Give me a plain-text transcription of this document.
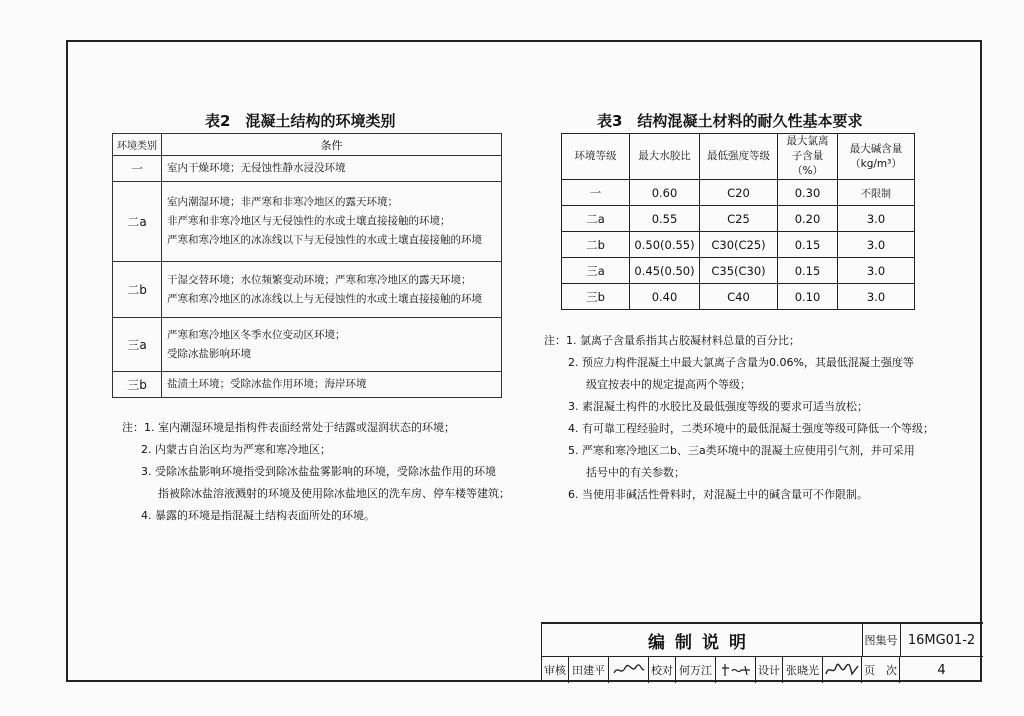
表2　混凝土结构的环境类别
环境类别	条件
一	室内干燥环境；无侵蚀性静水浸没环境

二a	室内潮湿环境；非严寒和非寒冷地区的露天环境；
非严寒和非寒冷地区与无侵蚀性的水或土壤直接接触的环境；
严寒和寒冷地区的冰冻线以下与无侵蚀性的水或土壤直接接触的环境

二b	干湿交替环境；水位频繁变动环境；严寒和寒冷地区的露天环境；
严寒和寒冷地区的冰冻线以上与无侵蚀性的水或土壤直接接触的环境

三a	严寒和寒冷地区冬季水位变动区环境；
受除冰盐影响环境

三b	盐渍土环境；受除冰盐作用环境；海岸环境
注：1. 室内潮湿环境是指构件表面经常处于结露或湿润状态的环境；
2. 内蒙古自治区均为严寒和寒冷地区；
3. 受除冰盐影响环境指受到除冰盐盐雾影响的环境，受除冰盐作用的环境
指被除冰盐溶液溅射的环境及使用除冰盐地区的洗车房、停车楼等建筑；
4. 暴露的环境是指混凝土结构表面所处的环境。
表3　结构混凝土材料的耐久性基本要求
环境等级	最大水胶比	最低强度等级	最大氯离子含量（%）	最大碱含量（kg/m³）
一	0.60	C20	0.30	不限制
二a	0.55	C25	0.20	3.0
二b	0.50(0.55)	C30(C25)	0.15	3.0
三a	0.45(0.50)	C35(C30)	0.15	3.0
三b	0.40	C40	0.10	3.0
注：1. 氯离子含量系指其占胶凝材料总量的百分比；
2. 预应力构件混凝土中最大氯离子含量为0.06%，其最低混凝土强度等
级宜按表中的规定提高两个等级；
3. 素混凝土构件的水胶比及最低强度等级的要求可适当放松；
4. 有可靠工程经验时，二类环境中的最低混凝土强度等级可降低一个等级；
5. 严寒和寒冷地区二b、三a类环境中的混凝土应使用引气剂，并可采用
括号中的有关参数；
6. 当使用非碱活性骨料时，对混凝土中的碱含量可不作限制。
编制说明	图集号 16MG01-2
审核 田建平	校对 何万江	设计 张晓光	页　次	4
